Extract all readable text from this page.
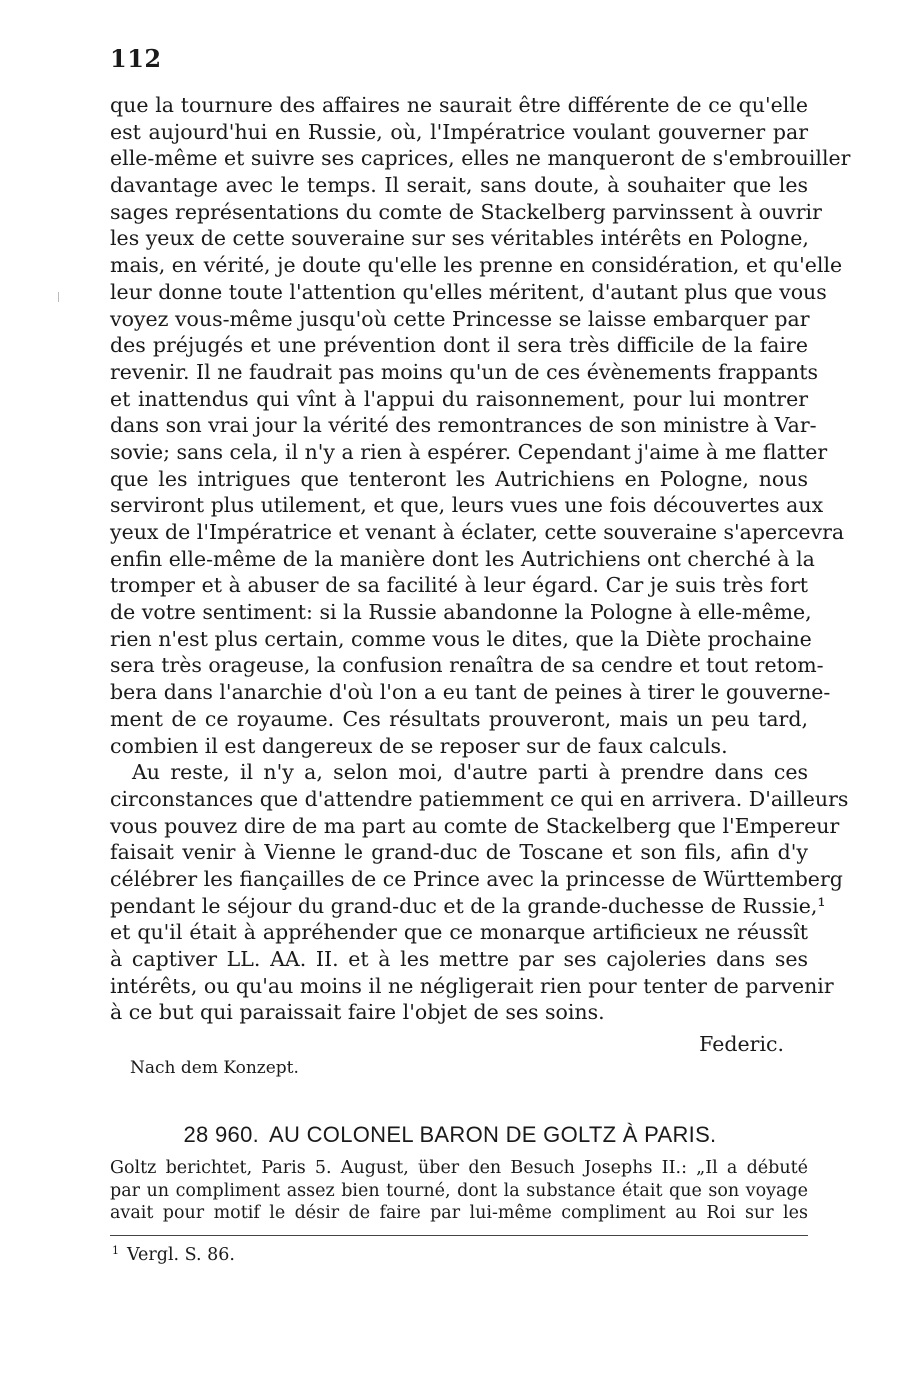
112
que la tournure des affaires ne saurait être différente de ce qu'elle
est aujourd'hui en Russie, où, l'Impératrice voulant gouverner par
elle-même et suivre ses caprices, elles ne manqueront de s'embrouiller
davantage avec le temps. Il serait, sans doute, à souhaiter que les
sages représentations du comte de Stackelberg parvinssent à ouvrir
les yeux de cette souveraine sur ses véritables intérêts en Pologne,
mais, en vérité, je doute qu'elle les prenne en considération, et qu'elle
leur donne toute l'attention qu'elles méritent, d'autant plus que vous
voyez vous-même jusqu'où cette Princesse se laisse embarquer par
des préjugés et une prévention dont il sera très difficile de la faire
revenir. Il ne faudrait pas moins qu'un de ces évènements frappants
et inattendus qui vînt à l'appui du raisonnement, pour lui montrer
dans son vrai jour la vérité des remontrances de son ministre à Var-
sovie; sans cela, il n'y a rien à espérer. Cependant j'aime à me flatter
que les intrigues que tenteront les Autrichiens en Pologne, nous
serviront plus utilement, et que, leurs vues une fois découvertes aux
yeux de l'Impératrice et venant à éclater, cette souveraine s'apercevra
enfin elle-même de la manière dont les Autrichiens ont cherché à la
tromper et à abuser de sa facilité à leur égard. Car je suis très fort
de votre sentiment: si la Russie abandonne la Pologne à elle-même,
rien n'est plus certain, comme vous le dites, que la Diète prochaine
sera très orageuse, la confusion renaîtra de sa cendre et tout retom-
bera dans l'anarchie d'où l'on a eu tant de peines à tirer le gouverne-
ment de ce royaume. Ces résultats prouveront, mais un peu tard,
combien il est dangereux de se reposer sur de faux calculs.
Au reste, il n'y a, selon moi, d'autre parti à prendre dans ces
circonstances que d'attendre patiemment ce qui en arrivera. D'ailleurs
vous pouvez dire de ma part au comte de Stackelberg que l'Empereur
faisait venir à Vienne le grand-duc de Toscane et son fils, afin d'y
célébrer les fiançailles de ce Prince avec la princesse de Württemberg
pendant le séjour du grand-duc et de la grande-duchesse de Russie,¹
et qu'il était à appréhender que ce monarque artificieux ne réussît
à captiver LL. AA. II. et à les mettre par ses cajoleries dans ses
intérêts, ou qu'au moins il ne négligerait rien pour tenter de parvenir
à ce but qui paraissait faire l'objet de ses soins.
Federic.
Nach dem Konzept.
28 960. AU COLONEL BARON DE GOLTZ À PARIS.
Goltz berichtet, Paris 5. August, über den Besuch Josephs II.: „Il a débuté
par un compliment assez bien tourné, dont la substance était que son voyage
avait pour motif le désir de faire par lui-même compliment au Roi sur les
$^1$ Vergl. S. 86.
